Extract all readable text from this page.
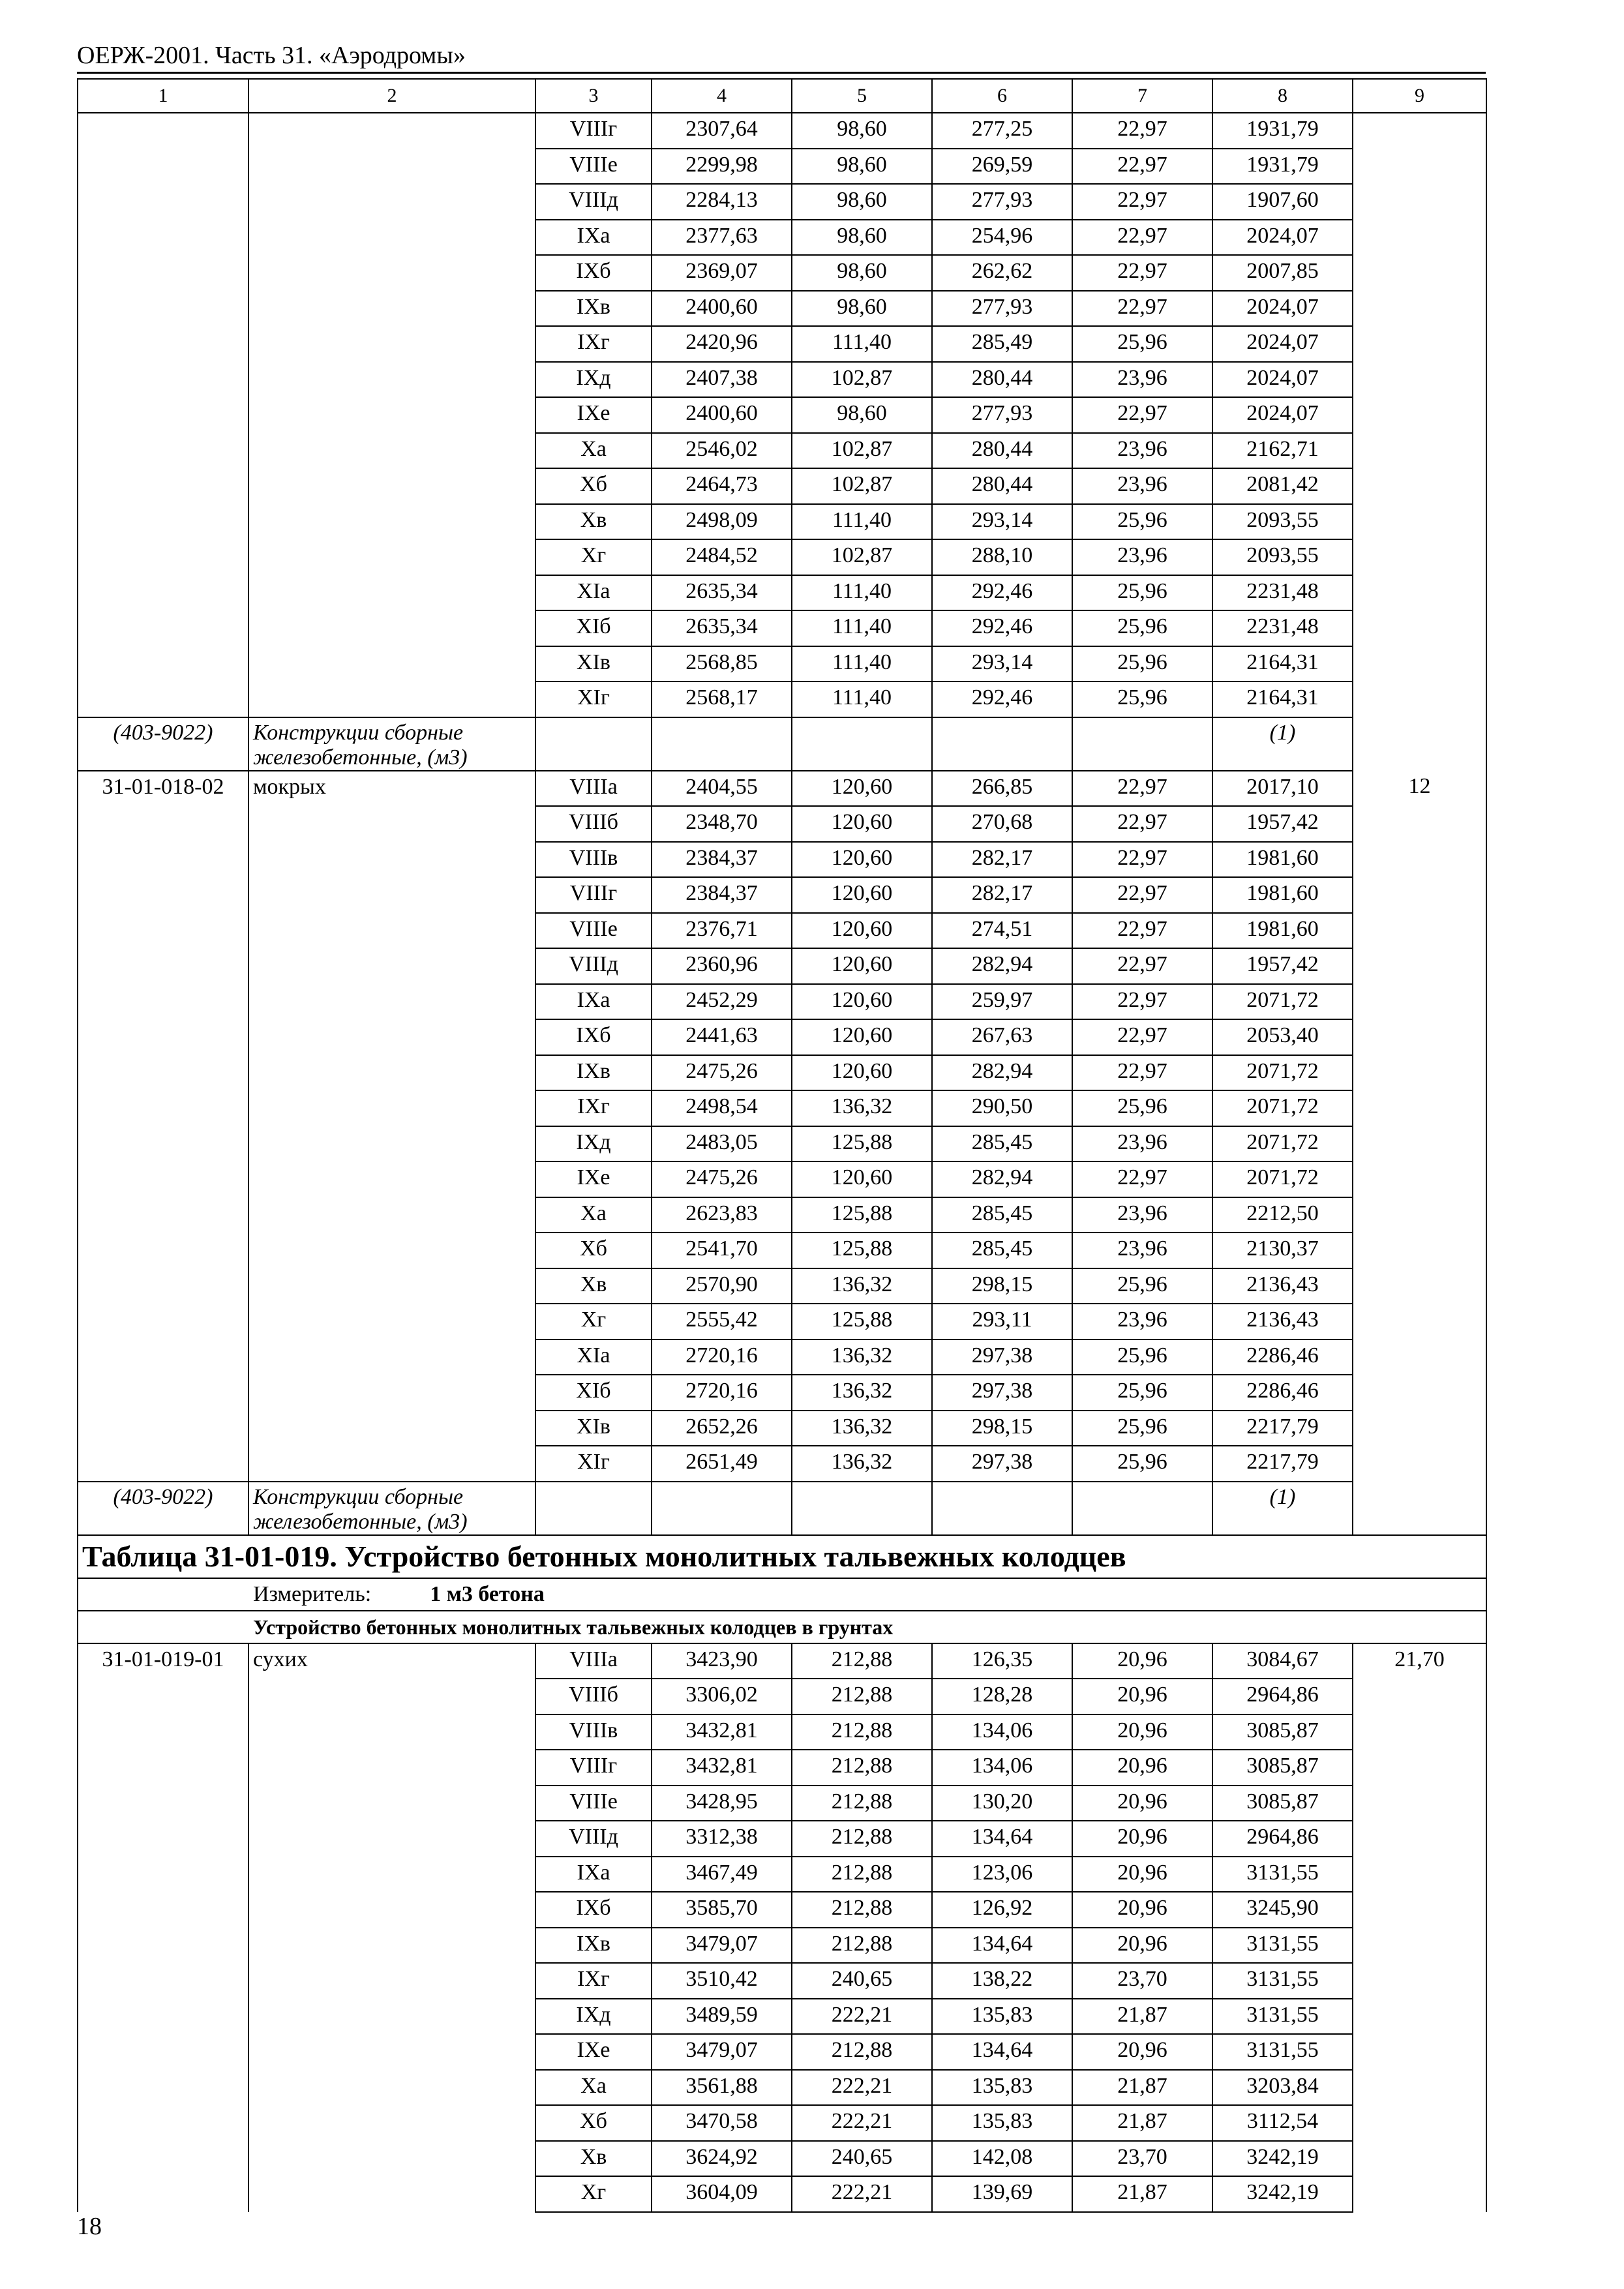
ОЕРЖ-2001. Часть 31. «Аэродромы»
1	2	3	4	5	6	7	8	9
		VIIIг	2307,64	98,60	277,25	22,97	1931,79	
		VIIIе	2299,98	98,60	269,59	22,97	1931,79	
		VIIIд	2284,13	98,60	277,93	22,97	1907,60	
		IXа	2377,63	98,60	254,96	22,97	2024,07	
		IXб	2369,07	98,60	262,62	22,97	2007,85	
		IXв	2400,60	98,60	277,93	22,97	2024,07	
		IXг	2420,96	111,40	285,49	25,96	2024,07	
		IXд	2407,38	102,87	280,44	23,96	2024,07	
		IXе	2400,60	98,60	277,93	22,97	2024,07	
		Xа	2546,02	102,87	280,44	23,96	2162,71	
		Xб	2464,73	102,87	280,44	23,96	2081,42	
		Xв	2498,09	111,40	293,14	25,96	2093,55	
		Xг	2484,52	102,87	288,10	23,96	2093,55	
		XIа	2635,34	111,40	292,46	25,96	2231,48	
		XIб	2635,34	111,40	292,46	25,96	2231,48	
		XIв	2568,85	111,40	293,14	25,96	2164,31	
		XIг	2568,17	111,40	292,46	25,96	2164,31	
(403-9022)	Конструкции сборные железобетонные, (м3)						(1)	
31-01-018-02	мокрых	VIIIа	2404,55	120,60	266,85	22,97	2017,10	12
		VIIIб	2348,70	120,60	270,68	22,97	1957,42	
		VIIIв	2384,37	120,60	282,17	22,97	1981,60	
		VIIIг	2384,37	120,60	282,17	22,97	1981,60	
		VIIIе	2376,71	120,60	274,51	22,97	1981,60	
		VIIIд	2360,96	120,60	282,94	22,97	1957,42	
		IXа	2452,29	120,60	259,97	22,97	2071,72	
		IXб	2441,63	120,60	267,63	22,97	2053,40	
		IXв	2475,26	120,60	282,94	22,97	2071,72	
		IXг	2498,54	136,32	290,50	25,96	2071,72	
		IXд	2483,05	125,88	285,45	23,96	2071,72	
		IXе	2475,26	120,60	282,94	22,97	2071,72	
		Xа	2623,83	125,88	285,45	23,96	2212,50	
		Xб	2541,70	125,88	285,45	23,96	2130,37	
		Xв	2570,90	136,32	298,15	25,96	2136,43	
		Xг	2555,42	125,88	293,11	23,96	2136,43	
		XIа	2720,16	136,32	297,38	25,96	2286,46	
		XIб	2720,16	136,32	297,38	25,96	2286,46	
		XIв	2652,26	136,32	298,15	25,96	2217,79	
		XIг	2651,49	136,32	297,38	25,96	2217,79	
(403-9022)	Конструкции сборные железобетонные, (м3)						(1)	
Таблица 31-01-019. Устройство бетонных монолитных тальвежных колодцев								
Измеритель: 1 м3 бетона								
Устройство бетонных монолитных тальвежных колодцев в грунтах								
31-01-019-01	сухих	VIIIа	3423,90	212,88	126,35	20,96	3084,67	21,70
		VIIIб	3306,02	212,88	128,28	20,96	2964,86	
		VIIIв	3432,81	212,88	134,06	20,96	3085,87	
		VIIIг	3432,81	212,88	134,06	20,96	3085,87	
		VIIIе	3428,95	212,88	130,20	20,96	3085,87	
		VIIIд	3312,38	212,88	134,64	20,96	2964,86	
		IXа	3467,49	212,88	123,06	20,96	3131,55	
		IXб	3585,70	212,88	126,92	20,96	3245,90	
		IXв	3479,07	212,88	134,64	20,96	3131,55	
		IXг	3510,42	240,65	138,22	23,70	3131,55	
		IXд	3489,59	222,21	135,83	21,87	3131,55	
		IXе	3479,07	212,88	134,64	20,96	3131,55	
		Xа	3561,88	222,21	135,83	21,87	3203,84	
		Xб	3470,58	222,21	135,83	21,87	3112,54	
		Xв	3624,92	240,65	142,08	23,70	3242,19	
		Xг	3604,09	222,21	139,69	21,87	3242,19	
18
